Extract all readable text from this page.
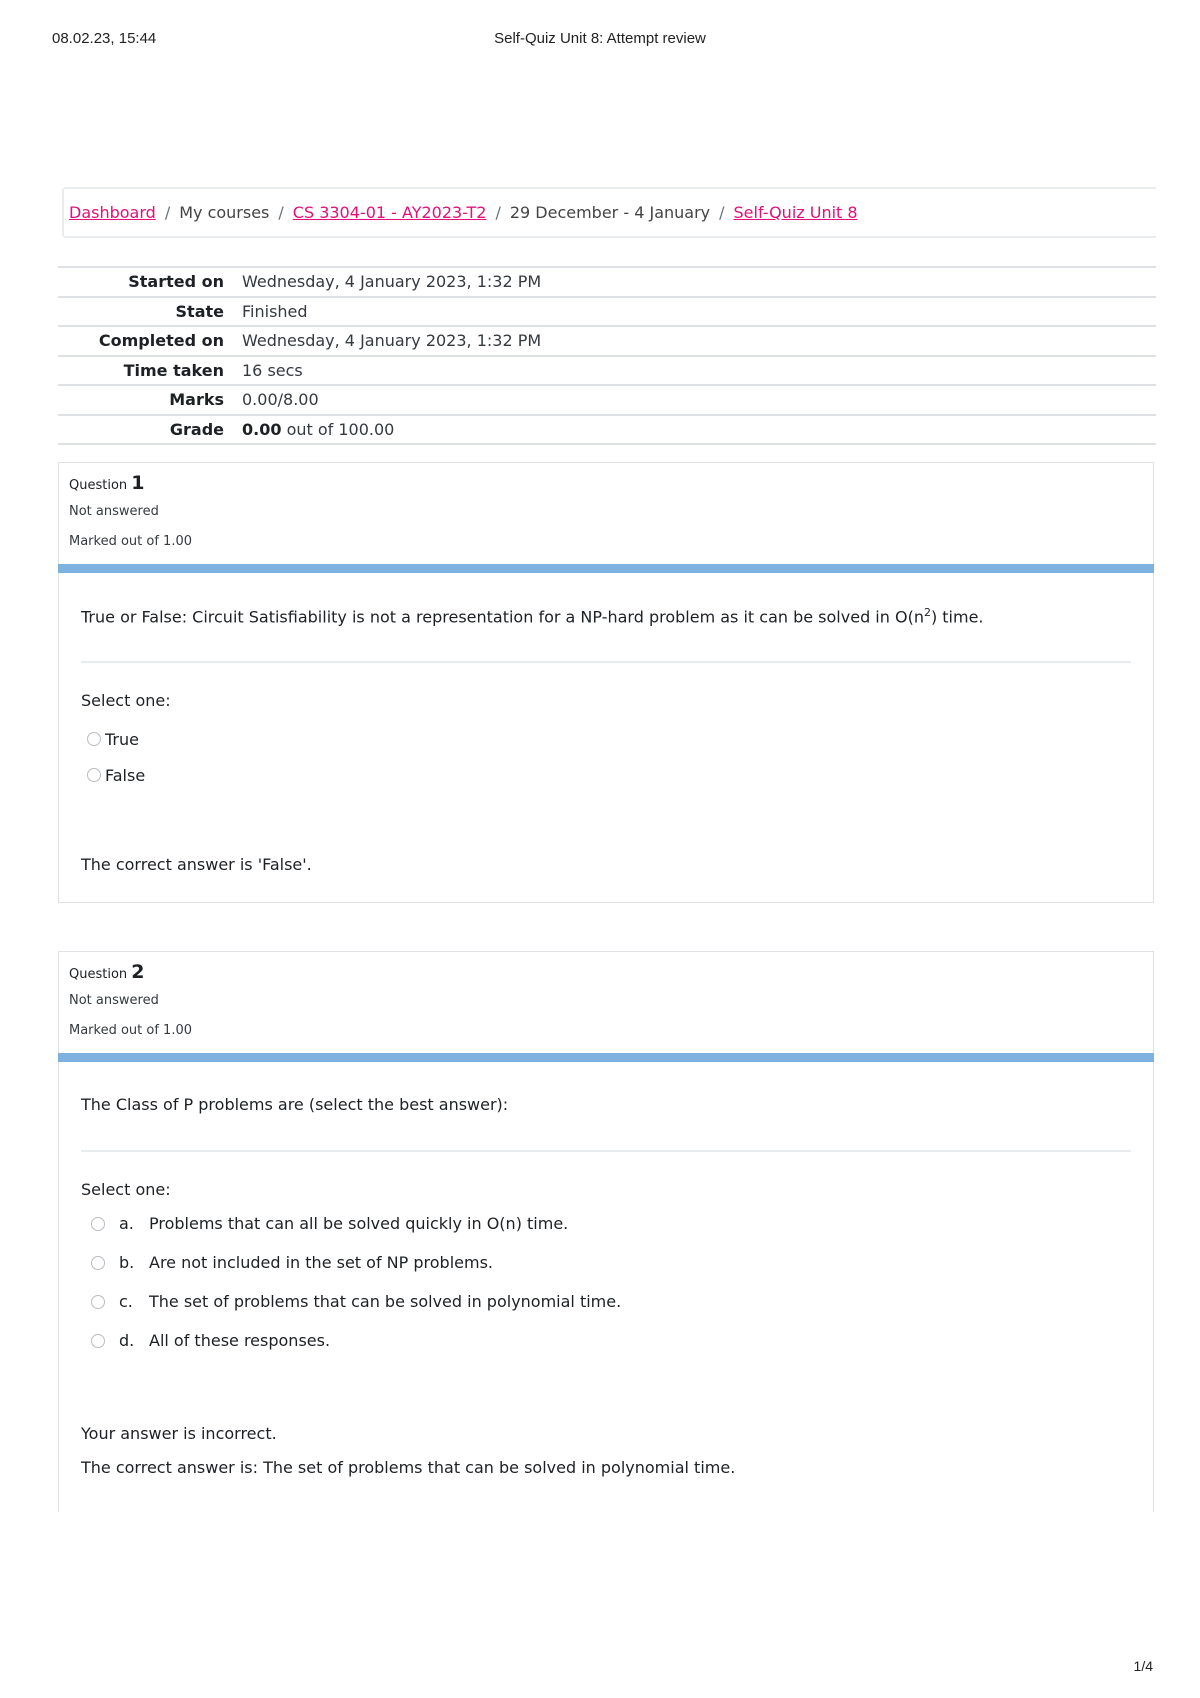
08.02.23, 15:44	Self-Quiz Unit 8: Attempt review
Dashboard / My courses / CS 3304-01 - AY2023-T2 / 29 December - 4 January / Self-Quiz Unit 8
Started on	Wednesday, 4 January 2023, 1:32 PM
State	Finished
Completed on	Wednesday, 4 January 2023, 1:32 PM
Time taken	16 secs
Marks	0.00/8.00
Grade	0.00 out of 100.00
Question 1
Not answered
Marked out of 1.00
True or False: Circuit Satisfiability is not a representation for a NP-hard problem as it can be solved in $O(n^2)$ time.
Select one:
True
False
The correct answer is 'False'.
Question 2
Not answered
Marked out of 1.00
The Class of P problems are (select the best answer):
Select one:
a. Problems that can all be solved quickly in O(n) time.
b. Are not included in the set of NP problems.
c.	The set of problems that can be solved in polynomial time.
d. All of these responses.
Your answer is incorrect.
The correct answer is: The set of problems that can be solved in polynomial time.
1/4
